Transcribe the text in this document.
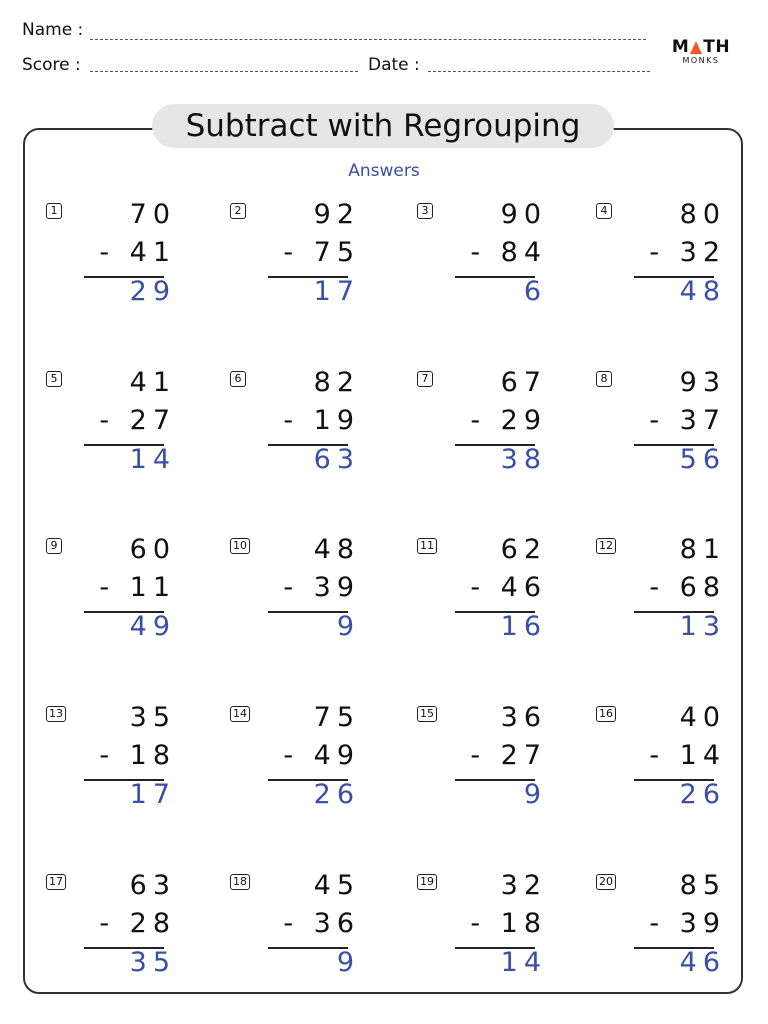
Name :
Score :	Date :
M TH
MONKS
Subtract with Regrouping
Answers
1	70
- 41
29
2	92
- 75
17
3	90
- 84
6
4	80
- 32
48
5	41
- 27
14
6	82
- 19
63
7	67
- 29
38
8	93
- 37
56
9	60
- 11
49
10 48
- 39
9
11 62
- 46
16
12 81
- 68
13
13 35
- 18
17
14 75
- 49
26
15 36
- 27
9
16 40
- 14
26
17 63
- 28
35
18 45
- 36
9
19 32
- 18
14
20 85
- 39
46
